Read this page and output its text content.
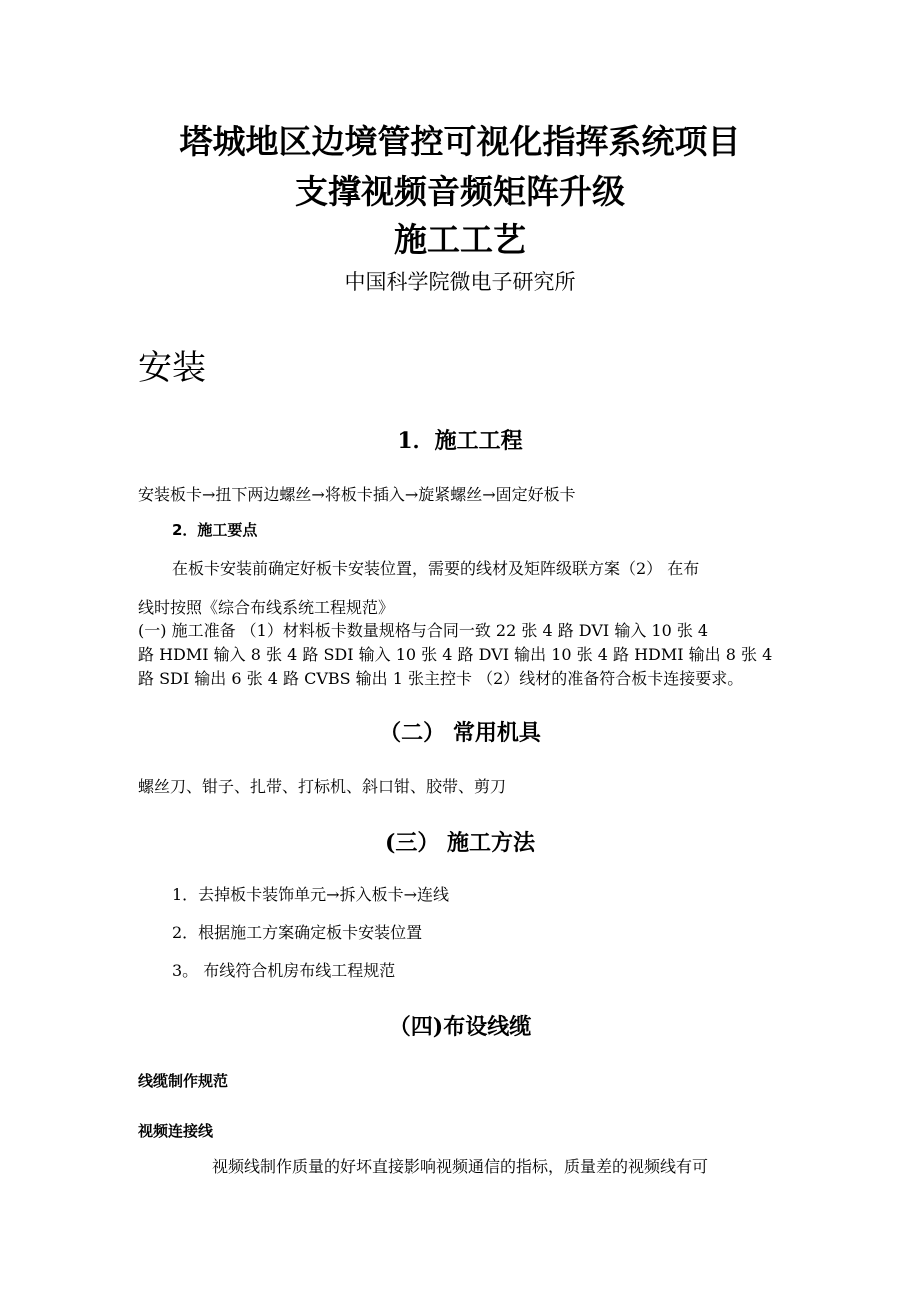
塔城地区边境管控可视化指挥系统项目
支撑视频音频矩阵升级
施工工艺
中国科学院微电子研究所
安装
1．施工工程
安装板卡→扭下两边螺丝→将板卡插入→旋紧螺丝→固定好板卡
2．施工要点
在板卡安装前确定好板卡安装位置，需要的线材及矩阵级联方案（2） 在布
线时按照《综合布线系统工程规范》
(一) 施工准备 （1）材料板卡数量规格与合同一致 22 张 4 路 DVI 输入 10 张 4
路 HDMI 输入 8 张 4 路 SDI 输入 10 张 4 路 DVI 输出 10 张 4 路 HDMI 输出 8 张 4
路 SDI 输出 6 张 4 路 CVBS 输出 1 张主控卡 （2）线材的准备符合板卡连接要求。
（二） 常用机具
螺丝刀、钳子、扎带、打标机、斜口钳、胶带、剪刀
(三） 施工方法
1．去掉板卡装饰单元→拆入板卡→连线
2．根据施工方案确定板卡安装位置
3。 布线符合机房布线工程规范
（四)布设线缆
线缆制作规范
视频连接线
视频线制作质量的好坏直接影响视频通信的指标，质量差的视频线有可
